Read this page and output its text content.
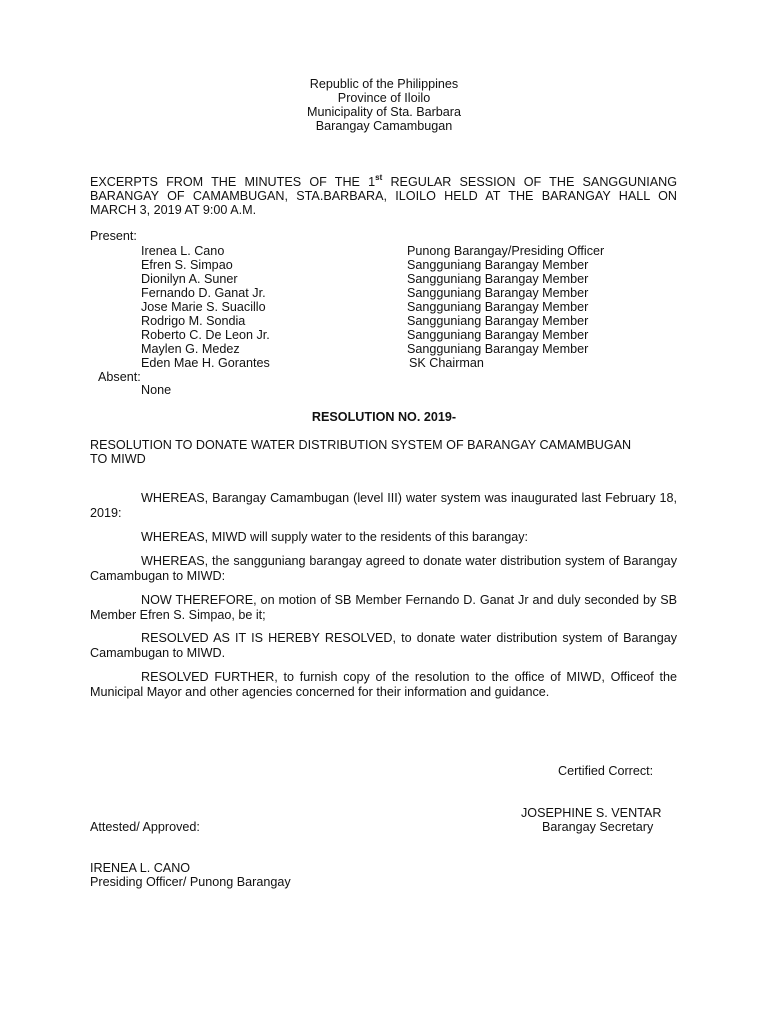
Republic of the Philippines
Province of Iloilo
Municipality of Sta. Barbara
Barangay Camambugan
EXCERPTS FROM THE MINUTES OF THE 1st REGULAR SESSION OF THE SANGGUNIANG BARANGAY OF CAMAMBUGAN, STA.BARBARA, ILOILO HELD AT THE BARANGAY HALL ON MARCH 3, 2019 AT 9:00 A.M.
Present:
Irenea L. Cano
Efren S. Simpao
Dionilyn A. Suner
Fernando D. Ganat Jr.
Jose Marie S. Suacillo
Rodrigo M. Sondia
Roberto C. De Leon Jr.
Maylen G. Medez
Eden Mae H. Gorantes
Punong Barangay/Presiding Officer
Sangguniang Barangay Member
Sangguniang Barangay Member
Sangguniang Barangay Member
Sangguniang Barangay Member
Sangguniang Barangay Member
Sangguniang Barangay Member
Sangguniang Barangay Member
SK Chairman
Absent:
None
RESOLUTION NO. 2019-
RESOLUTION TO DONATE WATER DISTRIBUTION SYSTEM OF BARANGAY CAMAMBUGAN TO MIWD
WHEREAS, Barangay Camambugan (level III) water system was inaugurated last February 18, 2019:
WHEREAS, MIWD will supply water to the residents of this barangay:
WHEREAS, the sangguniang barangay agreed to donate water distribution system of Barangay Camambugan to MIWD:
NOW THEREFORE, on motion of SB Member Fernando D. Ganat Jr and duly seconded by SB Member Efren S. Simpao, be it;
RESOLVED AS IT IS HEREBY RESOLVED, to donate water distribution system of Barangay Camambugan to MIWD.
RESOLVED FURTHER, to furnish copy of the resolution to the office of MIWD, Officeof the Municipal Mayor and other agencies concerned for their information and guidance.
Certified Correct:
JOSEPHINE S. VENTAR
Barangay Secretary
Attested/ Approved:
IRENEA L. CANO
Presiding Officer/ Punong Barangay
